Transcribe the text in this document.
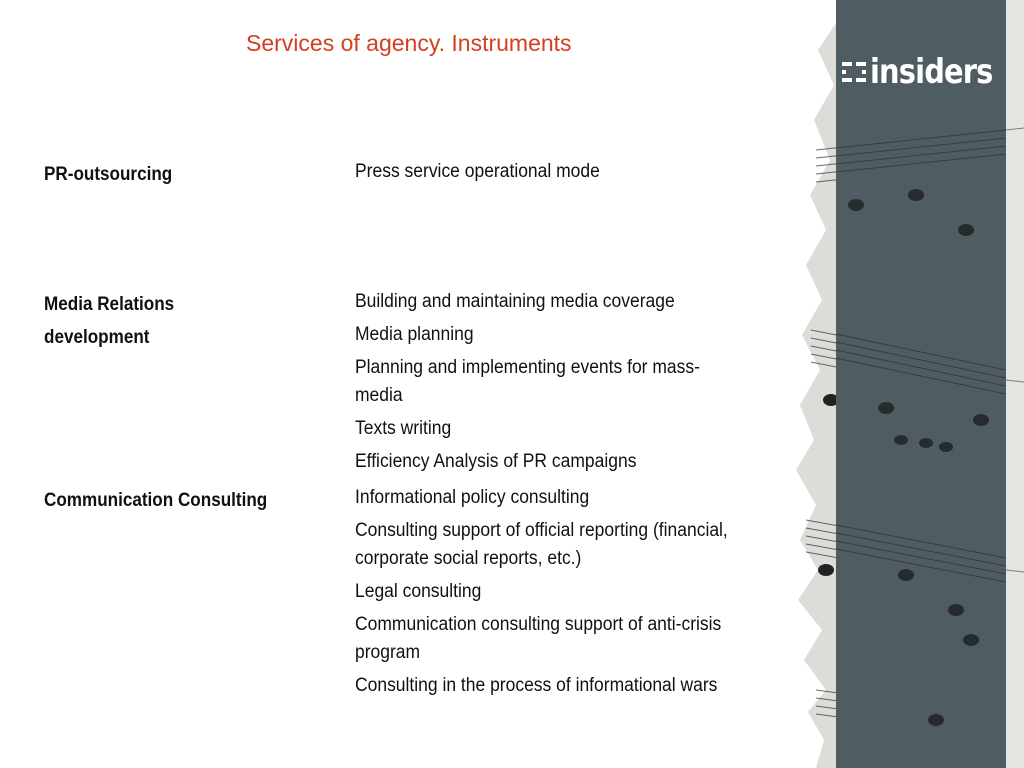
Services of agency. Instruments
PR-outsourcing	Press service operational mode
Media Relations
development
Building and maintaining media coverage
Media planning
Planning and implementing events for mass-media
Texts writing
Efficiency Analysis of PR campaigns
Communication Consulting	Informational policy consulting
Consulting support of official reporting (financial, corporate social reports, etc.)
Legal consulting
Communication consulting support of anti-crisis program
Consulting in the process of informational wars
insiders
